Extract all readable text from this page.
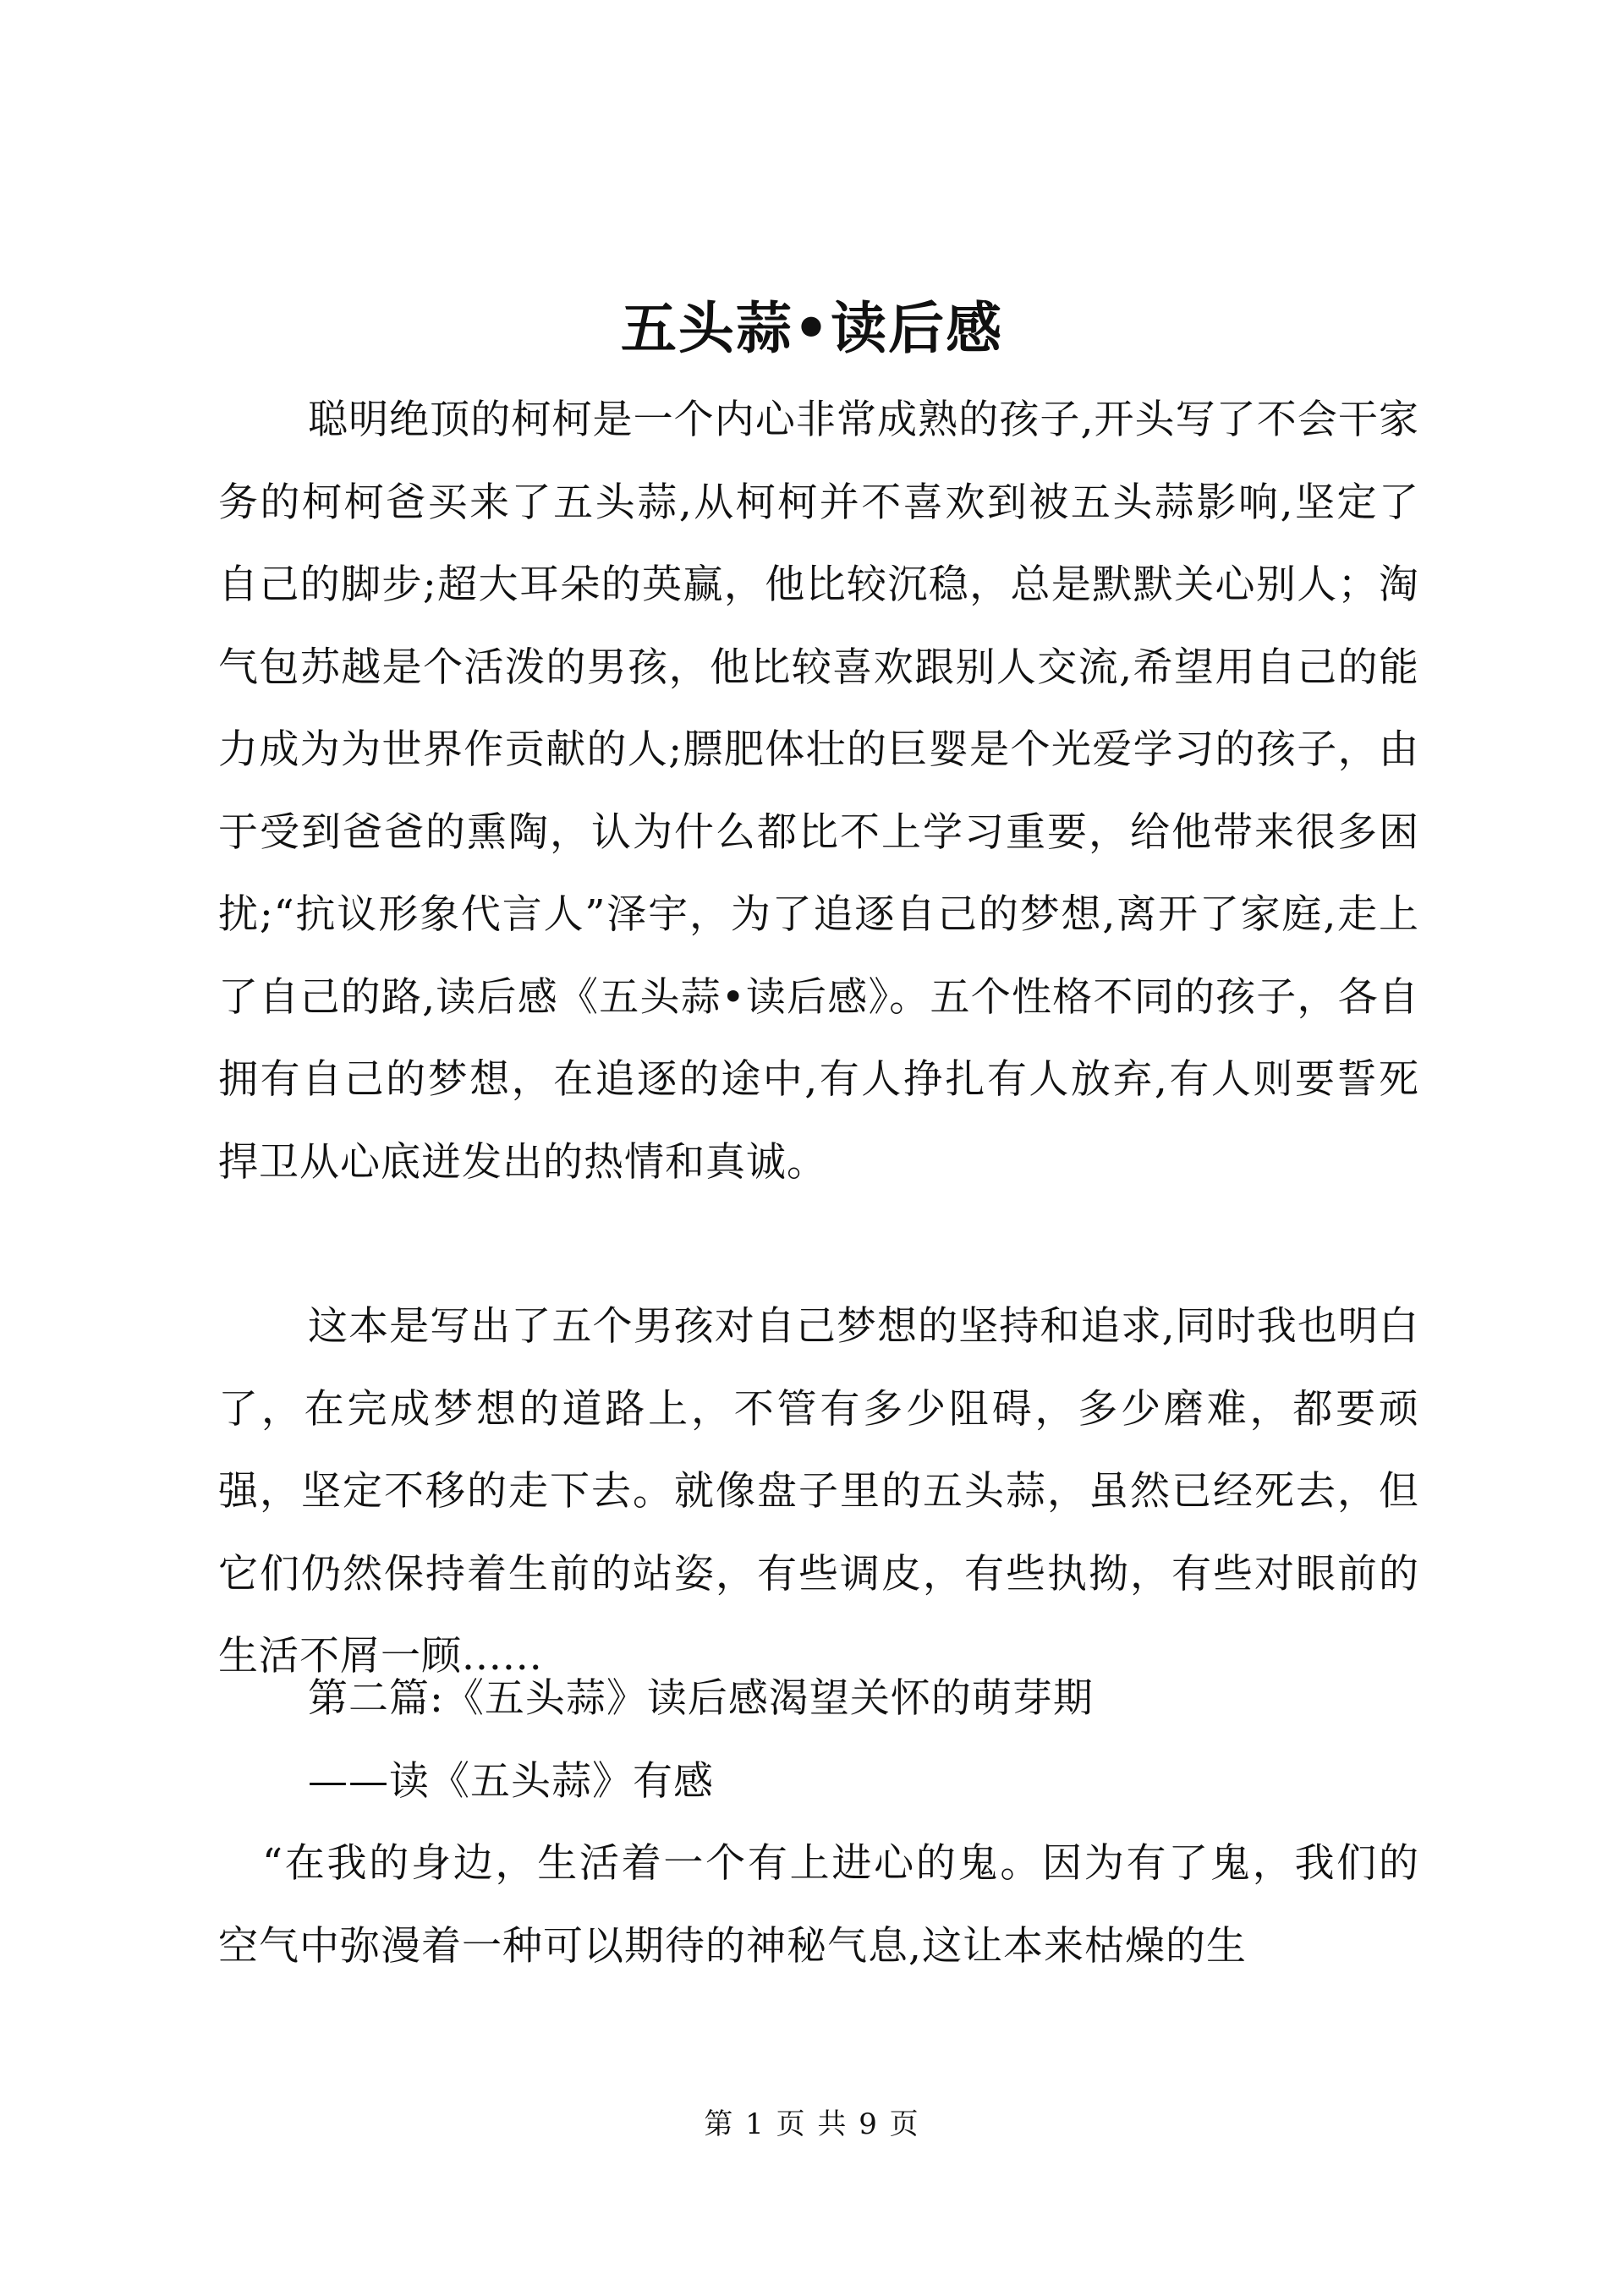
五头蒜•读后感
聪明绝顶的柯柯是一个内心非常成熟的孩子,开头写了不会干家务的柯柯爸买来了五头蒜,从柯柯并不喜欢到被五头蒜影响,坚定了自己的脚步;超大耳朵的英赢，他比较沉稳，总是默默关心别人；淘气包苏越是个活泼的男孩，他比较喜欢跟别人交流,希望用自己的能力成为为世界作贡献的人;膘肥体壮的巨婴是个光爱学习的孩子，由于受到爸爸的熏陶，认为什么都比不上学习重要，给他带来很多困扰;“抗议形象代言人”泽宇，为了追逐自己的梦想,离开了家庭,走上了自己的路,读后感《五头蒜•读后感》。五个性格不同的孩子，各自拥有自己的梦想，在追逐的途中,有人挣扎有人放弃,有人则要誓死捍卫从心底迸发出的热情和真诚。
这本是写出了五个男孩对自己梦想的坚持和追求,同时我也明白了，在完成梦想的道路上，不管有多少阻碍，多少磨难，都要顽强，坚定不移的走下去。就像盘子里的五头蒜，虽然已经死去，但它们仍然保持着生前的站姿，有些调皮，有些执拗，有些对眼前的生活不屑一顾......
第二篇:《五头蒜》读后感渴望关怀的萌芽期
——读《五头蒜》有感
“在我的身边，生活着一个有上进心的鬼。因为有了鬼，我们的空气中弥漫着一种可以期待的神秘气息,这让本来枯燥的生
第 1 页 共 9 页
